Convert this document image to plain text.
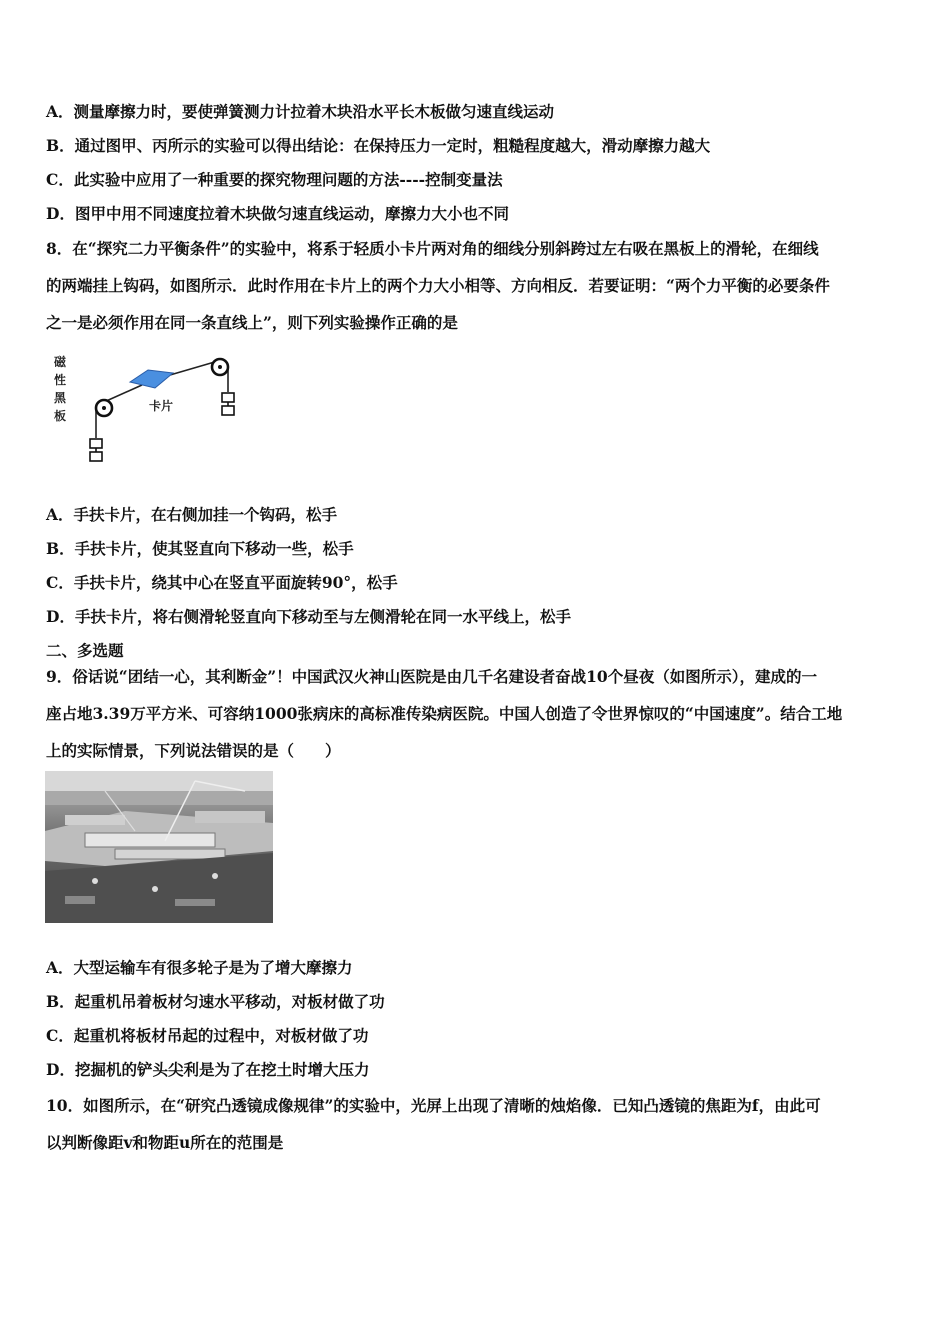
A．测量摩擦力时，要使弹簧测力计拉着木块沿水平长木板做匀速直线运动
B．通过图甲、丙所示的实验可以得出结论：在保持压力一定时，粗糙程度越大，滑动摩擦力越大
C．此实验中应用了一种重要的探究物理问题的方法----控制变量法
D．图甲中用不同速度拉着木块做匀速直线运动，摩擦力大小也不同
8．在“探究二力平衡条件”的实验中，将系于轻质小卡片两对角的细线分别斜跨过左右吸在黑板上的滑轮，在细线
的两端挂上钩码，如图所示．此时作用在卡片上的两个力大小相等、方向相反．若要证明：“两个力平衡的必要条件
之一是必须作用在同一条直线上”，则下列实验操作正确的是
磁
性
黑
板
卡片
A．手扶卡片，在右侧加挂一个钩码，松手
B．手扶卡片，使其竖直向下移动一些，松手
C．手扶卡片，绕其中心在竖直平面旋转90°，松手
D．手扶卡片，将右侧滑轮竖直向下移动至与左侧滑轮在同一水平线上，松手
二、多选题
9．俗话说“团结一心，其利断金”！中国武汉火神山医院是由几千名建设者奋战10个昼夜（如图所示），建成的一
座占地3.39万平方米、可容纳1000张病床的高标准传染病医院。中国人创造了令世界惊叹的“中国速度”。结合工地
上的实际情景，下列说法错误的是（　　）
A．大型运输车有很多轮子是为了增大摩擦力
B．起重机吊着板材匀速水平移动，对板材做了功
C．起重机将板材吊起的过程中，对板材做了功
D．挖掘机的铲头尖利是为了在挖土时增大压力
10．如图所示，在“研究凸透镜成像规律”的实验中，光屏上出现了清晰的烛焰像．已知凸透镜的焦距为f，由此可
以判断像距v和物距u所在的范围是
